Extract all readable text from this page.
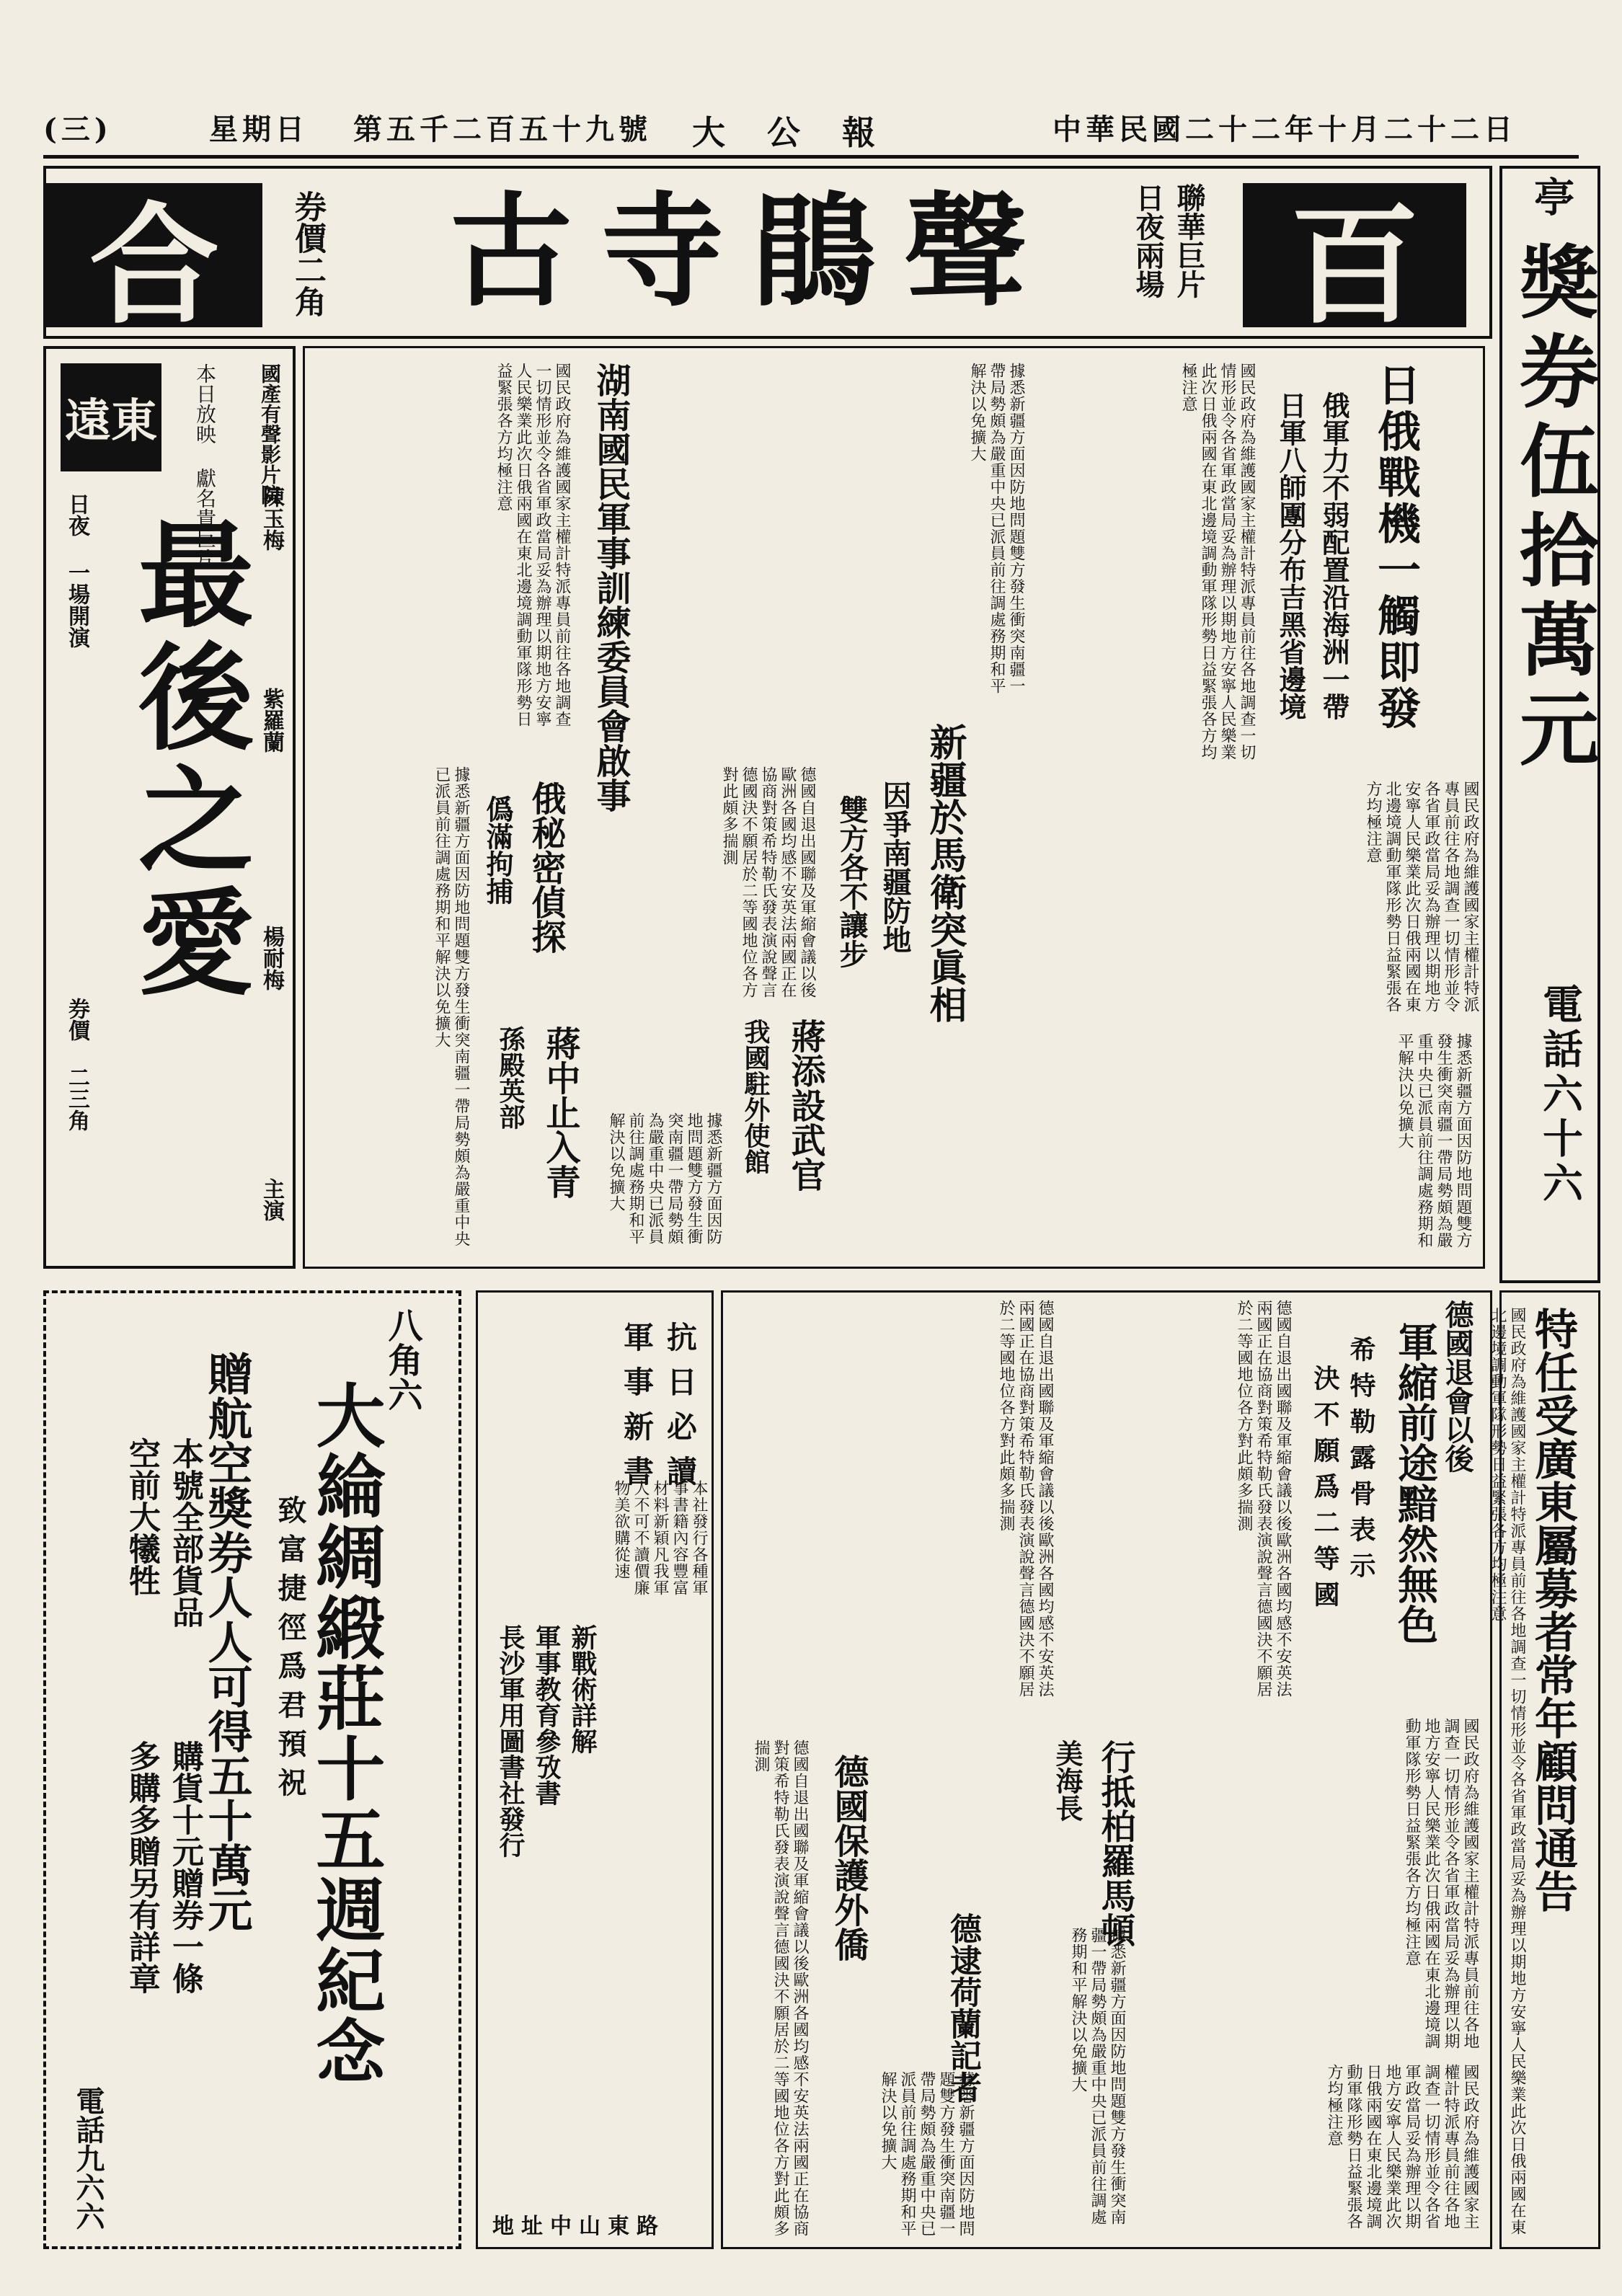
(三)	星期日 第五千二百五十九號 大　公　報	中華民國二十二年十月二十二日
合	券價二角 古寺鵑聲	聯華巨片 日夜兩場 百	亭
獎券伍拾萬元
電話六十六
日俄戰機一觸即發
俄軍力不弱配置沿海洲一帶
日軍八師團分布吉黑省邊境
國民政府為維護國家主權計特派專員前往各地調查一切情形並令各省軍政當局妥為辦理以期地方安寧人民樂業此次日俄兩國在東北邊境調動軍隊形勢日益緊張各方均極注意
國民政府為維護國家主權計特派專員前往各地調查一切情形並令各省軍政當局妥為辦理以期地方安寧人民樂業此次日俄兩國在東北邊境調動軍隊形勢日益緊張各方均極注意
新疆於馬衛突眞相
因爭南疆防地
雙方各不讓步
據悉新疆方面因防地問題雙方發生衝突南疆一帶局勢頗為嚴重中央已派員前往調處務期和平解決以免擴大
據悉新疆方面因防地問題雙方發生衝突南疆一帶局勢頗為嚴重中央已派員前往調處務期和平解決以免擴大
湖南國民軍事訓練委員會啟事
國民政府為維護國家主權計特派專員前往各地調查一切情形並令各省軍政當局妥為辦理以期地方安寧人民樂業此次日俄兩國在東北邊境調動軍隊形勢日益緊張各方均極注意
俄秘密偵探
僞滿拘捕
據悉新疆方面因防地問題雙方發生衝突南疆一帶局勢頗為嚴重中央已派員前往調處務期和平解決以免擴大	德國自退出國聯及軍縮會議以後歐洲各國均感不安英法兩國正在協商對策希特勒氏發表演說聲言德國決不願居於二等國地位各方對此頗多揣測
蔣添設武官
我國駐外使館
蔣中止入青
孫殿英部
據悉新疆方面因防地問題雙方發生衝突南疆一帶局勢頗為嚴重中央已派員前往調處務期和平解決以免擴大
遠東	國產有聲影片院
本日放映 獻名貴巨片
最後之愛
主演
陳玉梅
紫羅蘭
楊耐梅
日夜 一場開演
券價 二三角
八角六
大綸綢緞莊十五週紀念
致富捷徑爲君預祝
贈航空獎券人人可得五十萬元
本號全部貨品
購貨十元贈券一條
空前大犧牲
多購多贈另有詳章
電話九六六
抗日必讀
軍事新書
新戰術詳解
軍事教育參攷書
長沙軍用圖書社發行
本社發行各種軍事書籍內容豐富材料新穎凡我軍人不可不讀價廉物美欲購從速
地址中山東路
德國退會以後
軍縮前途黯然無色
希特勒露骨表示
決不願爲二等國
德國自退出國聯及軍縮會議以後歐洲各國均感不安英法兩國正在協商對策希特勒氏發表演說聲言德國決不願居於二等國地位各方對此頗多揣測
德國自退出國聯及軍縮會議以後歐洲各國均感不安英法兩國正在協商對策希特勒氏發表演說聲言德國決不願居於二等國地位各方對此頗多揣測
國民政府為維護國家主權計特派專員前往各地調查一切情形並令各省軍政當局妥為辦理以期地方安寧人民樂業此次日俄兩國在東北邊境調動軍隊形勢日益緊張各方均極注意
行抵柏羅馬頓
美海長
據悉新疆方面因防地問題雙方發生衝突南疆一帶局勢頗為嚴重中央已派員前往調處務期和平解決以免擴大
德國保護外僑
德國自退出國聯及軍縮會議以後歐洲各國均感不安英法兩國正在協商對策希特勒氏發表演說聲言德國決不願居於二等國地位各方對此頗多揣測
德逮荷蘭記者
據悉新疆方面因防地問題雙方發生衝突南疆一帶局勢頗為嚴重中央已派員前往調處務期和平解決以免擴大	國民政府為維護國家主權計特派專員前往各地調查一切情形並令各省軍政當局妥為辦理以期地方安寧人民樂業此次日俄兩國在東北邊境調動軍隊形勢日益緊張各方均極注意
特任受廣東屬募者常年顧問通告
國民政府為維護國家主權計特派專員前往各地調查一切情形並令各省軍政當局妥為辦理以期地方安寧人民樂業此次日俄兩國在東北邊境調動軍隊形勢日益緊張各方均極注意
